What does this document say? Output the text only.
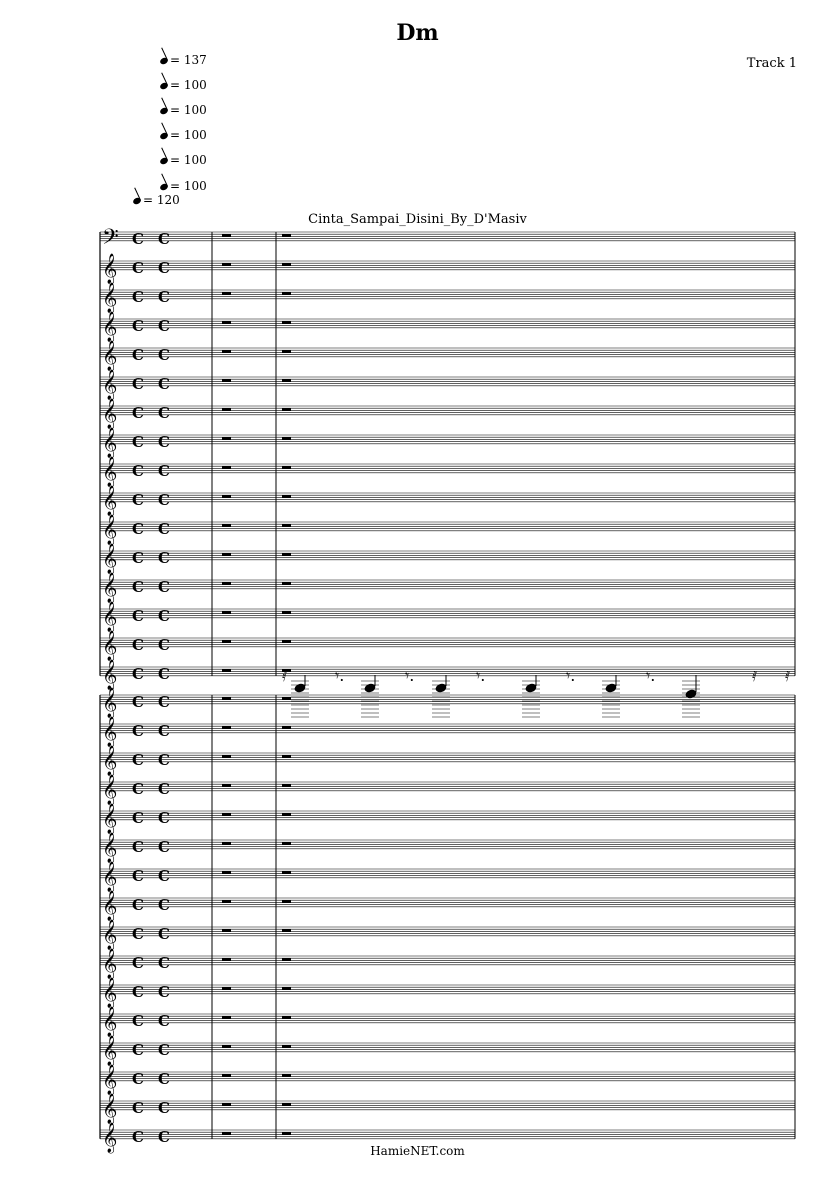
Dm
Track 1
= 137
= 100
= 100
= 100
= 100
= 100
= 120
Cinta_Sampai_Disini_By_D'Masiv
𝄢 C C
𝄞 C C
𝄞 C C
𝄞 C C
𝄞 C C
𝄞 C C
𝄞 C C
𝄞 C C
𝄞 C C
𝄞 C C
𝄞 C C
𝄞 C C
𝄞 C C
𝄞 C C
𝄞 C C
𝄞 C C
𝄞 C C
𝄞 C C
𝄞 C C
𝄞 C C
𝄞 C C
𝄞 C C
𝄞 C C
𝄞 C C
𝄞 C C
𝄞 C C
𝄞 C C
𝄞 C C
𝄞 C C
𝄞 C C
𝄞 C C
𝄞 C C
𝄾.	𝄾.	𝄾.	𝄾.	𝄾.
𝅀	𝅀 𝅀
HamieNET.com
